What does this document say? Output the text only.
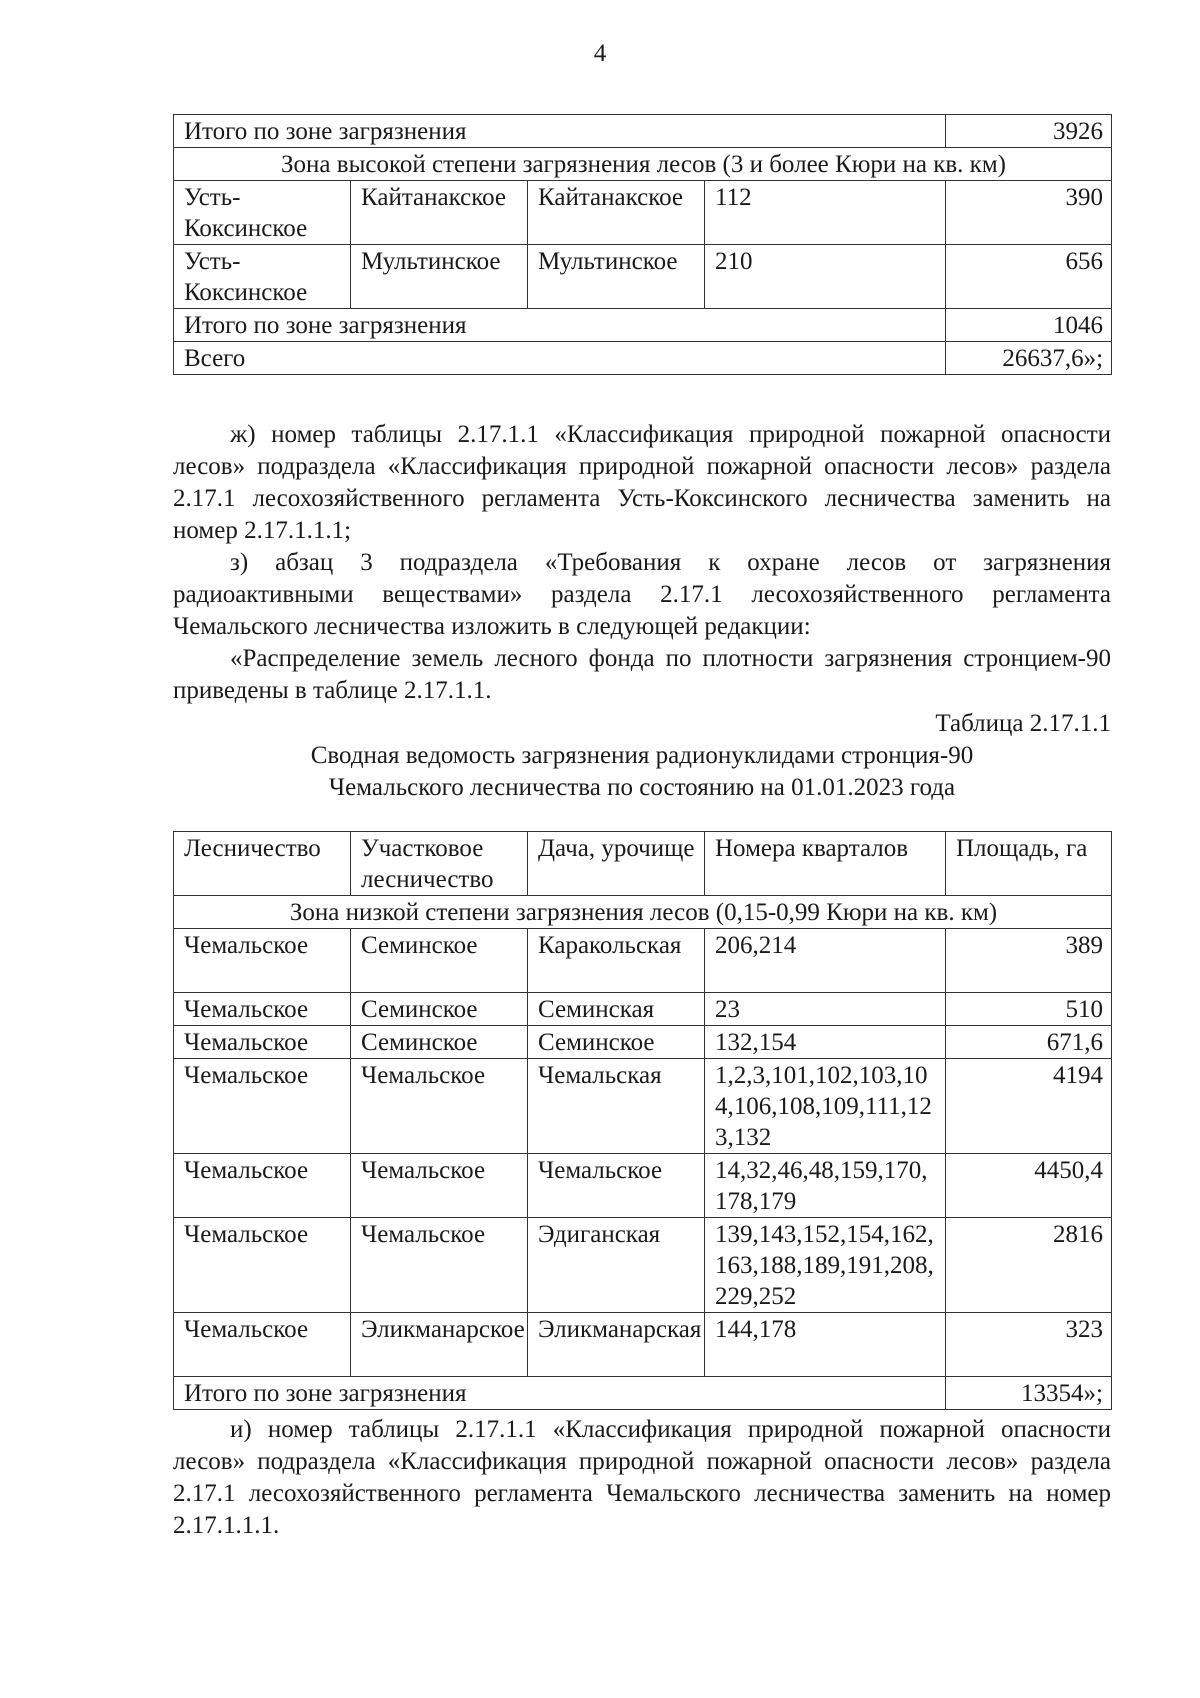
4
Итого по зоне загрязнения				3926
Зона высокой степени загрязнения лесов (3 и более Кюри на кв. км)				
Усть-Коксинское	Кайтанакское	Кайтанакское	112	390
Усть-Коксинское	Мультинское	Мультинское	210	656
Итого по зоне загрязнения				1046
Всего				26637,6»;

ж) номер таблицы 2.17.1.1 «Классификация природной пожарной опасности лесов» подраздела «Классификация природной пожарной опасности лесов» раздела 2.17.1 лесохозяйственного регламента Усть-Коксинского лесничества заменить на номер 2.17.1.1.1;

з) абзац 3 подраздела «Требования к охране лесов от загрязнения радиоактивными веществами» раздела 2.17.1 лесохозяйственного регламента Чемальского лесничества изложить в следующей редакции:

«Распределение земель лесного фонда по плотности загрязнения стронцием-90 приведены в таблице 2.17.1.1.

Таблица 2.17.1.1
Сводная ведомость загрязнения радионуклидами стронция-90
Чемальского лесничества по состоянию на 01.01.2023 года
Лесничество	Участковое лесничество	Дача, урочище	Номера кварталов	Площадь, га
Зона низкой степени загрязнения лесов (0,15-0,99 Кюри на кв. км)				
Чемальское	Семинское	Каракольская	206,214	389
Чемальское	Семинское	Семинская	23	510
Чемальское	Семинское	Семинское	132,154	671,6
Чемальское	Чемальское	Чемальская	1,2,3,101,102,103,104,106,108,109,111,123,132	4194
Чемальское	Чемальское	Чемальское	14,32,46,48,159,170,178,179	4450,4
Чемальское	Чемальское	Эдиганская	139,143,152,154,162,163,188,189,191,208,229,252	2816
Чемальское	Эликманарское	Эликманарская	144,178	323
Итого по зоне загрязнения				13354»;

и) номер таблицы 2.17.1.1 «Классификация природной пожарной опасности лесов» подраздела «Классификация природной пожарной опасности лесов» раздела 2.17.1 лесохозяйственного регламента Чемальского лесничества заменить на номер 2.17.1.1.1.
